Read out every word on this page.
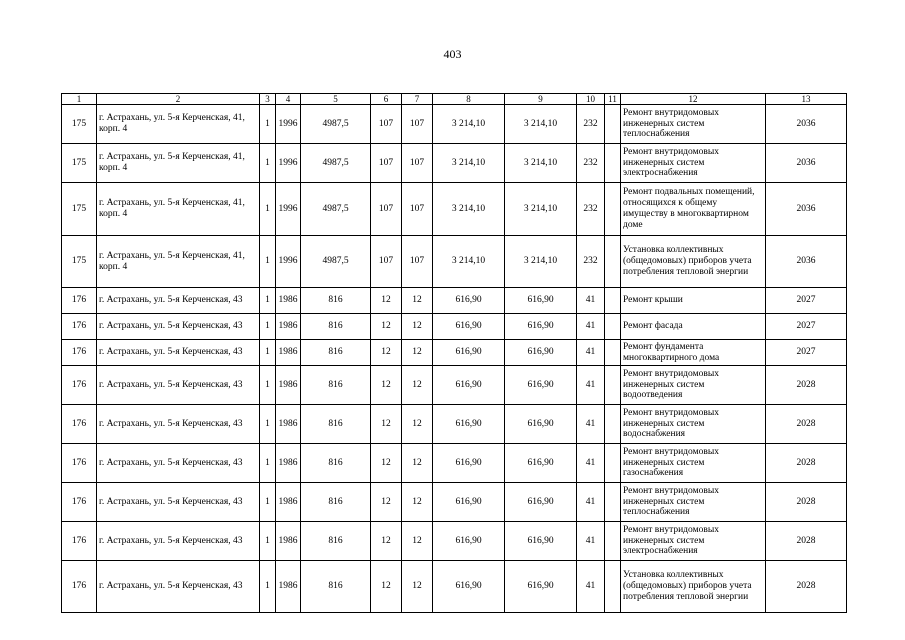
403
1	2	3	4	5	6	7	8	9	10	11	12	13
175	г. Астрахань, ул. 5-я Керченская, 41, корп. 4	1	1996	4987,5	107	107	3 214,10	3 214,10	232		Ремонт внутридомовых инженерных систем теплоснабжения	2036
175	г. Астрахань, ул. 5-я Керченская, 41, корп. 4	1	1996	4987,5	107	107	3 214,10	3 214,10	232		Ремонт внутридомовых инженерных систем электроснабжения	2036
175	г. Астрахань, ул. 5-я Керченская, 41, корп. 4	1	1996	4987,5	107	107	3 214,10	3 214,10	232		Ремонт подвальных помещений, относящихся к общему имуществу в многоквартирном доме	2036
175	г. Астрахань, ул. 5-я Керченская, 41, корп. 4	1	1996	4987,5	107	107	3 214,10	3 214,10	232		Установка коллективных (общедомовых) приборов учета потребления тепловой энергии	2036
176	г. Астрахань, ул. 5-я Керченская, 43	1	1986	816	12	12	616,90	616,90	41		Ремонт крыши	2027
176	г. Астрахань, ул. 5-я Керченская, 43	1	1986	816	12	12	616,90	616,90	41		Ремонт фасада	2027
176	г. Астрахань, ул. 5-я Керченская, 43	1	1986	816	12	12	616,90	616,90	41		Ремонт фундамента многоквартирного дома	2027
176	г. Астрахань, ул. 5-я Керченская, 43	1	1986	816	12	12	616,90	616,90	41		Ремонт внутридомовых инженерных систем водоотведения	2028
176	г. Астрахань, ул. 5-я Керченская, 43	1	1986	816	12	12	616,90	616,90	41		Ремонт внутридомовых инженерных систем водоснабжения	2028
176	г. Астрахань, ул. 5-я Керченская, 43	1	1986	816	12	12	616,90	616,90	41		Ремонт внутридомовых инженерных систем газоснабжения	2028
176	г. Астрахань, ул. 5-я Керченская, 43	1	1986	816	12	12	616,90	616,90	41		Ремонт внутридомовых инженерных систем теплоснабжения	2028
176	г. Астрахань, ул. 5-я Керченская, 43	1	1986	816	12	12	616,90	616,90	41		Ремонт внутридомовых инженерных систем электроснабжения	2028
176	г. Астрахань, ул. 5-я Керченская, 43	1	1986	816	12	12	616,90	616,90	41		Установка коллективных (общедомовых) приборов учета потребления тепловой энергии	2028
